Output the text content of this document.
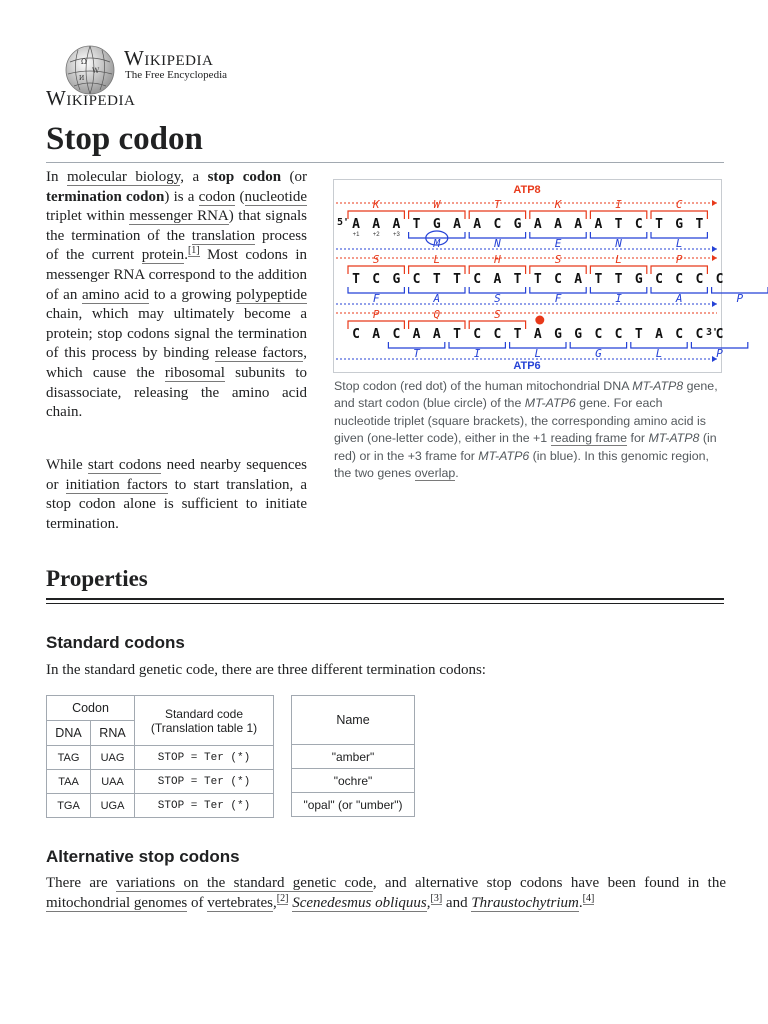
Ω
W
И
Wikipedia
The Free Encyclopedia
Wikipedia
Stop codon

In molecular biology, a stop codon (or termination codon) is a codon (nucleotide triplet within messenger RNA) that signals the termination of the translation process of the current protein.[1] Most codons in messenger RNA correspond to the addition of an amino acid to a growing polypeptide chain, which may ultimately become a protein; stop codons signal the termination of this process by binding release factors, which cause the ribosomal subunits to disassociate, releasing the amino acid chain.

While start codons need nearby sequences or initiation factors to start translation, a stop codon alone is sufficient to initiate termination.

ATP8
ATP6
A A A T G A A C G A A A A T C T G T
K	W	T	K	I	C
M	N	E	N	L
5'
+1 +2 +3
T C G C T T C A T T C A T T G C C C C
S	L	H	S	L	P
F	A	S	F	I	A	P
C A C A A T C C T A G G C C T A C C C
P	Q	S
T	I	L	G	L	P
3'

Stop codon (red dot) of the human mitochondrial DNA MT-ATP8 gene, and start codon (blue circle) of the MT-ATP6 gene. For each nucleotide triplet (square brackets), the corresponding amino acid is given (one-letter code), either in the +1 reading frame for MT-ATP8 (in red) or in the +3 frame for MT-ATP6 (in blue). In this genomic region, the two genes overlap.

Properties
Standard codons

In the standard genetic code, there are three different termination codons:

Codon		Standard code
(Translation table 1)

DNA	RNA	
TAG	UAG	STOP = Ter (*)
TAA	UAA	STOP = Ter (*)
TGA	UGA	STOP = Ter (*)
Name
"amber"
"ochre"
"opal" (or "umber")
Alternative stop codons

There are variations on the standard genetic code, and alternative stop codons have been found in the mitochondrial genomes of vertebrates,[2] Scenedesmus obliquus,[3] and Thraustochytrium.[4]
